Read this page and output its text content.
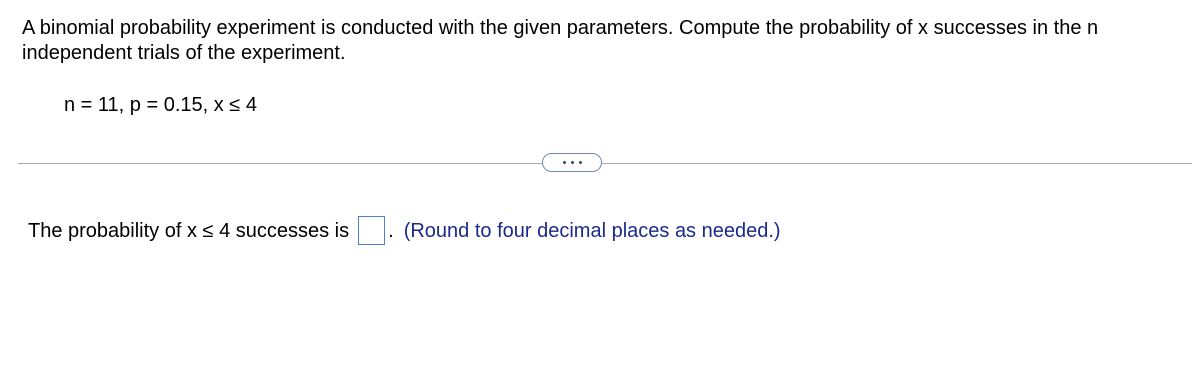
A binomial probability experiment is conducted with the given parameters. Compute the probability of x successes in the n independent trials of the experiment.
n = 11, p = 0.15, x ≤ 4
The probability of x ≤ 4 successes is . (Round to four decimal places as needed.)
